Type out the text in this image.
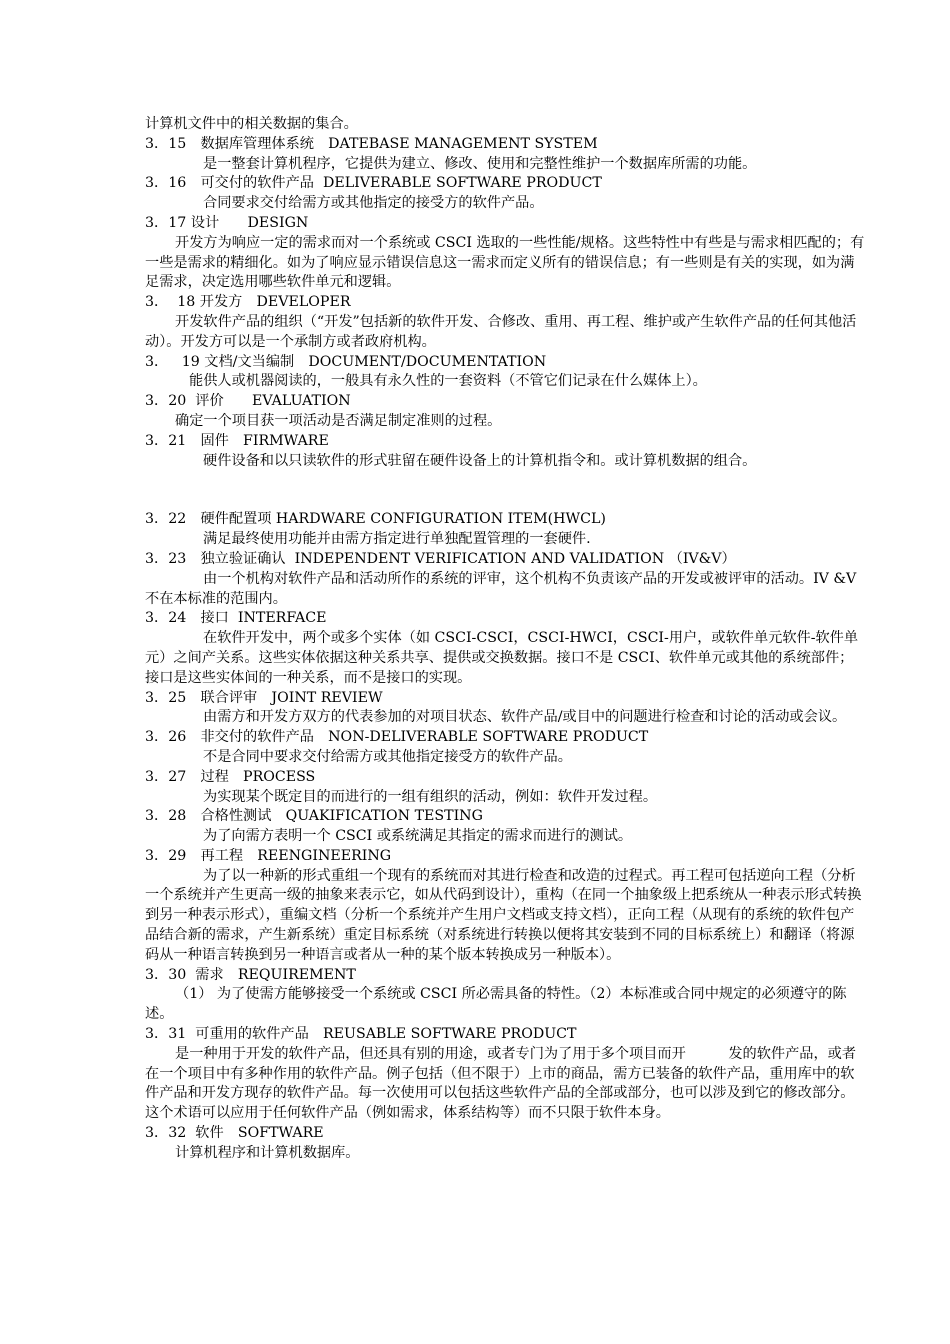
计算机文件中的相关数据的集合。

3．15　数据库管理体系统　DATEBASE MANAGEMENT SYSTEM

是一整套计算机程序，它提供为建立、修改、使用和完整性维护一个数据库所需的功能。

3．16　可交付的软件产品  DELIVERABLE SOFTWARE PRODUCT

合同要求交付给需方或其他指定的接受方的软件产品。

3．17 设计　　DESIGN

开发方为响应一定的需求而对一个系统或 CSCI 选取的一些性能/规格。这些特性中有些是与需求相匹配的；有一些是需求的精细化。如为了响应显示错误信息这一需求而定义所有的错误信息；有一些则是有关的实现，如为满足需求，决定选用哪些软件单元和逻辑。

3．  18 开发方　DEVELOPER

开发软件产品的组织（“开发”包括新的软件开发、合修改、重用、再工程、维护或产生软件产品的任何其他活动）。开发方可以是一个承制方或者政府机构。

3．   19 文档/文当编制　DOCUMENT/DOCUMENTATION

能供人或机器阅读的，一般具有永久性的一套资料（不管它们记录在什么媒体上）。

3．20  评价　　EVALUATION

确定一个项目获一项活动是否满足制定准则的过程。

3．21　固件　FIRMWARE

硬件设备和以只读软件的形式驻留在硬件设备上的计算机指令和。或计算机数据的组合。

3．22　硬件配置项 HARDWARE CONFIGURATION ITEM(HWCL)

满足最终使用功能并由需方指定进行单独配置管理的一套硬件.

3．23　独立验证确认  INDEPENDENT VERIFICATION AND VALIDATION （IV&V）

由一个机构对软件产品和活动所作的系统的评审，这个机构不负责该产品的开发或被评审的活动。IV &V 不在本标准的范围内。

3．24　接口  INTERFACE

在软件开发中，两个或多个实体（如 CSCI-CSCI，CSCI-HWCI，CSCI-用户，或软件单元软件-软件单元）之间产关系。这些实体依据这种关系共享、提供或交换数据。接口不是 CSCI、软件单元或其他的系统部件；接口是这些实体间的一种关系，而不是接口的实现。

3．25　联合评审　JOINT REVIEW

由需方和开发方双方的代表参加的对项目状态、软件产品/或目中的问题进行检查和讨论的活动或会议。

3．26　非交付的软件产品　NON-DELIVERABLE SOFTWARE PRODUCT

不是合同中要求交付给需方或其他指定接受方的软件产品。

3．27　过程　PROCESS

为实现某个既定目的而进行的一组有组织的活动，例如：软件开发过程。

3．28　合格性测试　QUAKIFICATION TESTING

为了向需方表明一个 CSCI 或系统满足其指定的需求而进行的测试。

3．29　再工程　REENGINEERING

为了以一种新的形式重组一个现有的系统而对其进行检查和改造的过程式。再工程可包括逆向工程（分析一个系统并产生更高一级的抽象来表示它，如从代码到设计），重构（在同一个抽象级上把系统从一种表示形式转换到另一种表示形式），重编文档（分析一个系统并产生用户文档或支持文档），正向工程（从现有的系统的软件包产品结合新的需求，产生新系统）重定目标系统（对系统进行转换以便将其安装到不同的目标系统上）和翻译（将源码从一种语言转换到另一种语言或者从一种的某个版本转换成另一种版本）。

3．30  需求　REQUIREMENT

（1） 为了使需方能够接受一个系统或 CSCI 所必需具备的特性。（2）本标准或合同中规定的必须遵守的陈述。

3．31  可重用的软件产品　REUSABLE SOFTWARE PRODUCT

是一种用于开发的软件产品，但还具有别的用途，或者专门为了用于多个项目而开　　　发的软件产品，或者在一个项目中有多种作用的软件产品。例子包括（但不限于）上市的商品，需方已装备的软件产品，重用库中的软件产品和开发方现存的软件产品。每一次使用可以包括这些软件产品的全部或部分，也可以涉及到它的修改部分。这个术语可以应用于任何软件产品（例如需求，体系结构等）而不只限于软件本身。

3．32  软件　SOFTWARE

计算机程序和计算机数据库。
